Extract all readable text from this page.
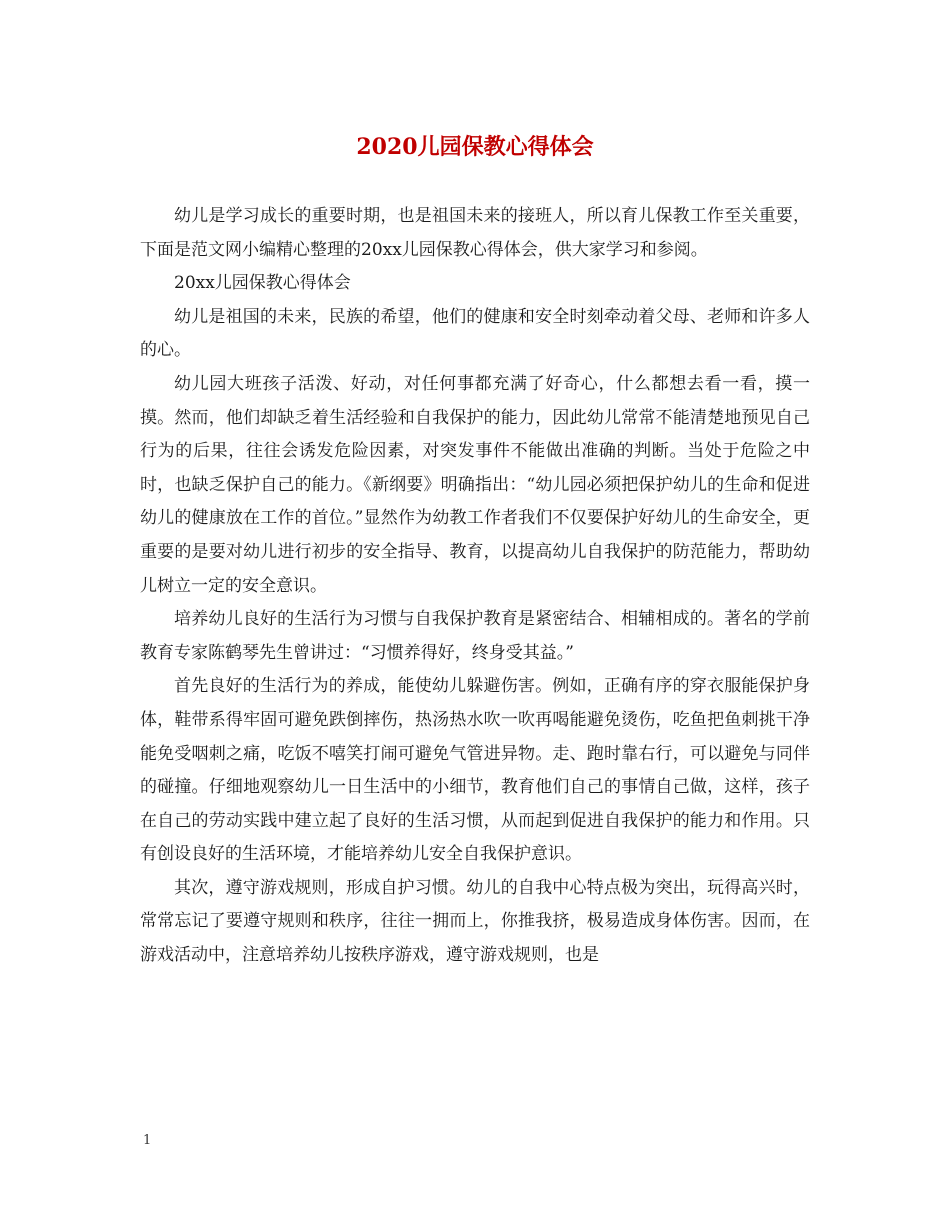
2020儿园保教心得体会

幼儿是学习成长的重要时期，也是祖国未来的接班人，所以育儿保教工作至关重要，下面是范文网小编精心整理的20xx儿园保教心得体会，供大家学习和参阅。

20xx儿园保教心得体会

幼儿是祖国的未来，民族的希望，他们的健康和安全时刻牵动着父母、老师和许多人的心。

幼儿园大班孩子活泼、好动，对任何事都充满了好奇心，什么都想去看一看，摸一摸。然而，他们却缺乏着生活经验和自我保护的能力，因此幼儿常常不能清楚地预见自己行为的后果，往往会诱发危险因素，对突发事件不能做出准确的判断。当处于危险之中时，也缺乏保护自己的能力。《新纲要》明确指出：“幼儿园必须把保护幼儿的生命和促进幼儿的健康放在工作的首位。”显然作为幼教工作者我们不仅要保护好幼儿的生命安全，更重要的是要对幼儿进行初步的安全指导、教育，以提高幼儿自我保护的防范能力，帮助幼儿树立一定的安全意识。

培养幼儿良好的生活行为习惯与自我保护教育是紧密结合、相辅相成的。著名的学前教育专家陈鹤琴先生曾讲过：“习惯养得好，终身受其益。”

首先良好的生活行为的养成，能使幼儿躲避伤害。例如，正确有序的穿衣服能保护身体，鞋带系得牢固可避免跌倒摔伤，热汤热水吹一吹再喝能避免烫伤，吃鱼把鱼刺挑干净能免受咽刺之痛，吃饭不嘻笑打闹可避免气管进异物。走、跑时靠右行，可以避免与同伴的碰撞。仔细地观察幼儿一日生活中的小细节，教育他们自己的事情自己做，这样，孩子在自己的劳动实践中建立起了良好的生活习惯，从而起到促进自我保护的能力和作用。只有创设良好的生活环境，才能培养幼儿安全自我保护意识。

其次，遵守游戏规则，形成自护习惯。幼儿的自我中心特点极为突出，玩得高兴时，常常忘记了要遵守规则和秩序，往往一拥而上，你推我挤，极易造成身体伤害。因而，在游戏活动中，注意培养幼儿按秩序游戏，遵守游戏规则，也是

1
